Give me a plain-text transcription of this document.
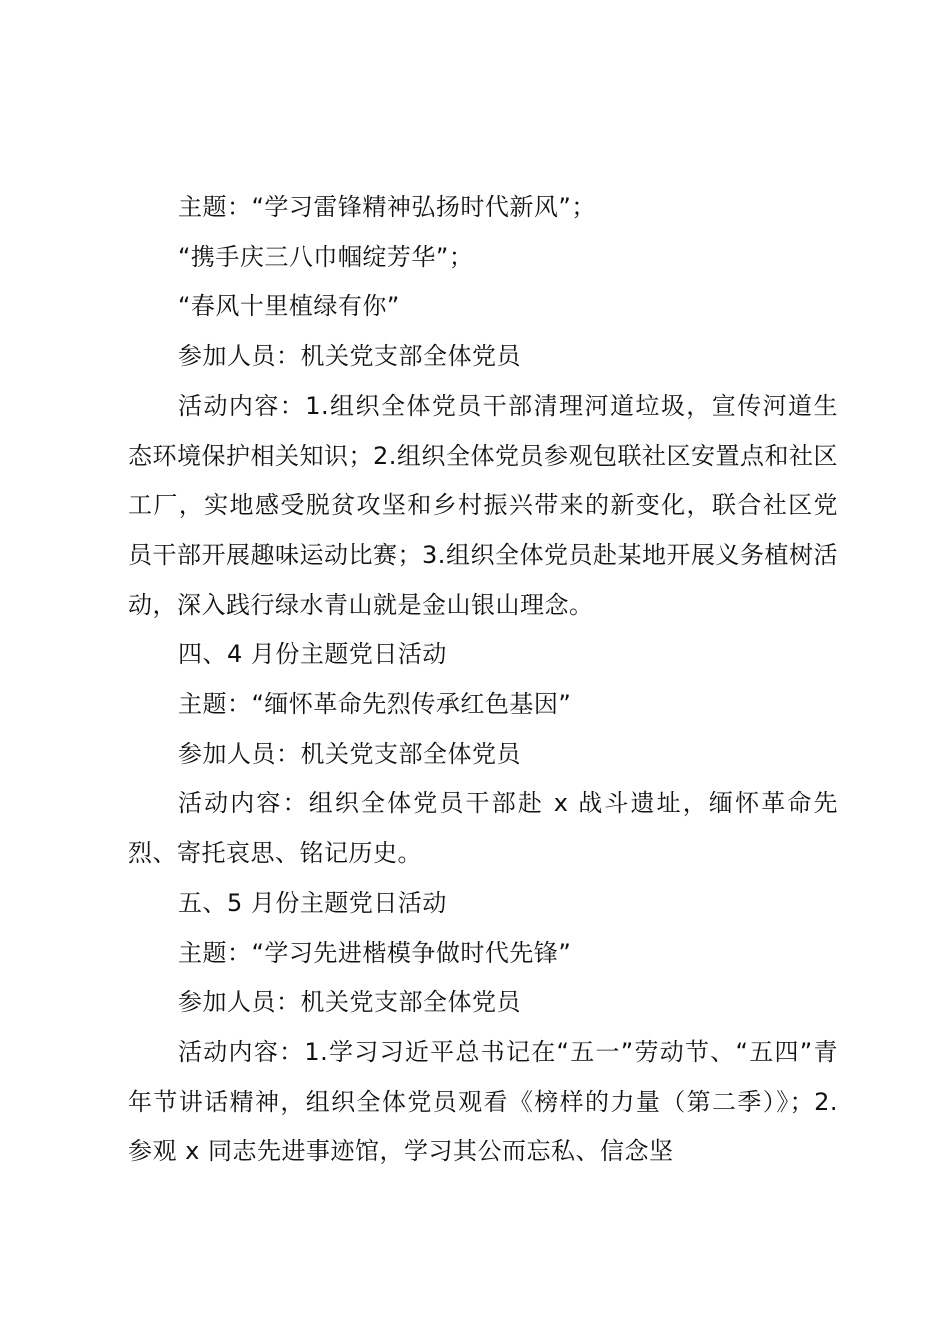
主题：“学习雷锋精神弘扬时代新风”；

“携手庆三八巾帼绽芳华”；

“春风十里植绿有你”

参加人员：机关党支部全体党员

活动内容：1.组织全体党员干部清理河道垃圾，宣传河道生态环境保护相关知识；2.组织全体党员参观包联社区安置点和社区工厂，实地感受脱贫攻坚和乡村振兴带来的新变化，联合社区党员干部开展趣味运动比赛；3.组织全体党员赴某地开展义务植树活动，深入践行绿水青山就是金山银山理念。

四、4 月份主题党日活动

主题：“缅怀革命先烈传承红色基因”

参加人员：机关党支部全体党员

活动内容：组织全体党员干部赴 x 战斗遗址，缅怀革命先烈、寄托哀思、铭记历史。

五、5 月份主题党日活动

主题：“学习先进楷模争做时代先锋”

参加人员：机关党支部全体党员

活动内容：1.学习习近平总书记在“五一”劳动节、“五四”青年节讲话精神，组织全体党员观看《榜样的力量（第二季）》；2.参观 x 同志先进事迹馆，学习其公而忘私、信念坚
